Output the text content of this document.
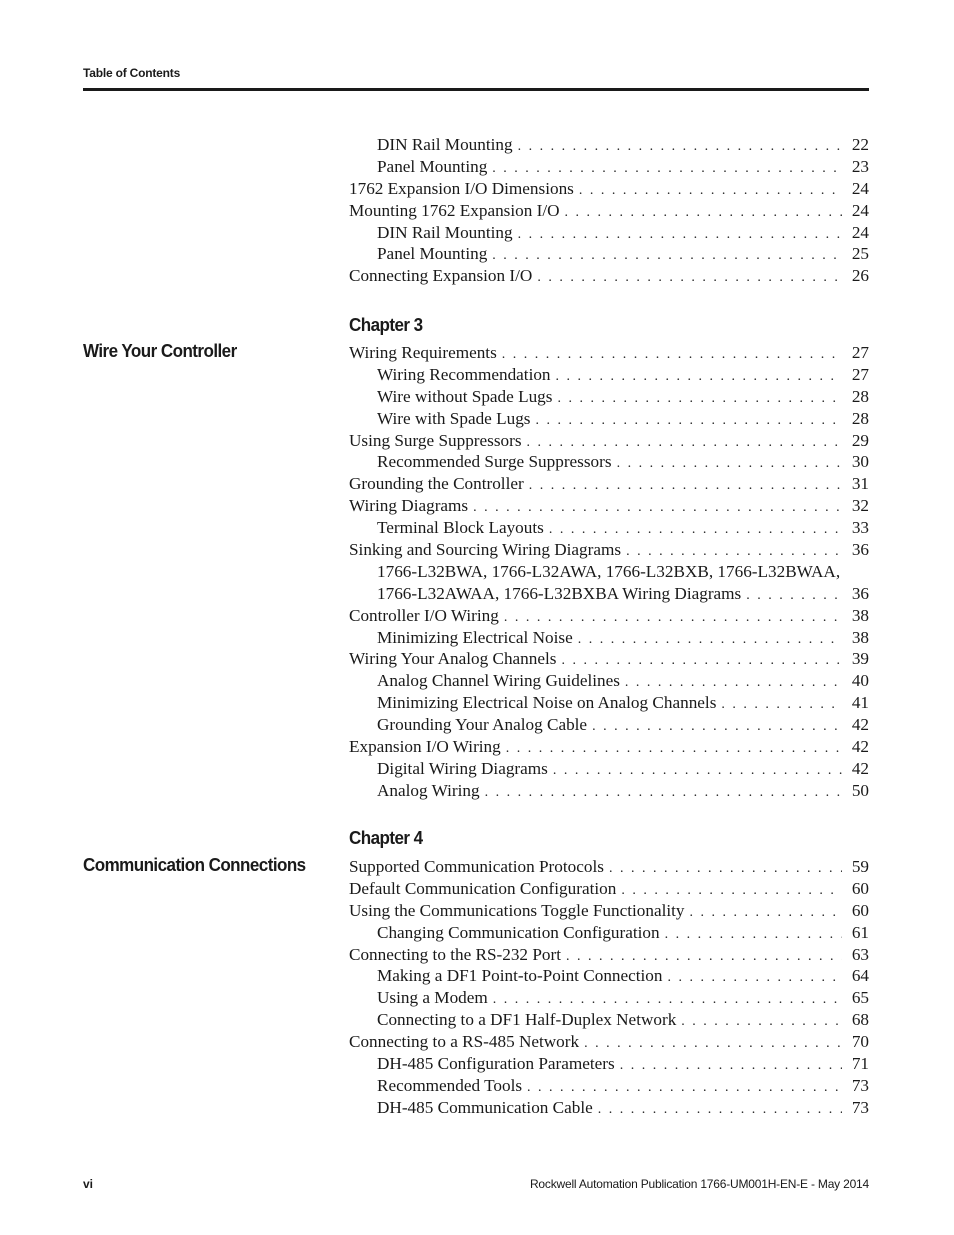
Table of Contents
DIN Rail Mounting . . .	22
Panel Mounting . . .	23
1762 Expansion I/O Dimensions . . .	24
Mounting 1762 Expansion I/O . . .	24
DIN Rail Mounting . . .	24
Panel Mounting . . .	25
Connecting Expansion I/O . . .	26
Chapter 3
Wire Your Controller	Wiring Requirements . . .	27
Wiring Recommendation . . .	27
Wire without Spade Lugs . . .	28
Wire with Spade Lugs . . .	28
Using Surge Suppressors . . .	29
Recommended Surge Suppressors . . .	30
Grounding the Controller . . .	31
Wiring Diagrams . . .	32
Terminal Block Layouts . . .	33
Sinking and Sourcing Wiring Diagrams . . .	36
1766-L32BWA, 1766-L32AWA, 1766-L32BXB, 1766-L32BWAA,
1766-L32AWAA, 1766-L32BXBA Wiring Diagrams . . .	36
Controller I/O Wiring . . .	38
Minimizing Electrical Noise . . .	38
Wiring Your Analog Channels . . .	39
Analog Channel Wiring Guidelines . . .	40
Minimizing Electrical Noise on Analog Channels . . .	41
Grounding Your Analog Cable . . .	42
Expansion I/O Wiring . . .	42
Digital Wiring Diagrams . . .	42
Analog Wiring . . .	50
Chapter 4
Communication Connections	Supported Communication Protocols . . .	59
Default Communication Configuration . . .	60
Using the Communications Toggle Functionality . . .	60
Changing Communication Configuration . . .	61
Connecting to the RS-232 Port . . .	63
Making a DF1 Point-to-Point Connection . . .	64
Using a Modem . . .	65
Connecting to a DF1 Half-Duplex Network . . .	68
Connecting to a RS-485 Network . . .	70
DH-485 Configuration Parameters . . .	71
Recommended Tools . . .	73
DH-485 Communication Cable . . .	73
vi	Rockwell Automation Publication 1766-UM001H-EN-E - May 2014
